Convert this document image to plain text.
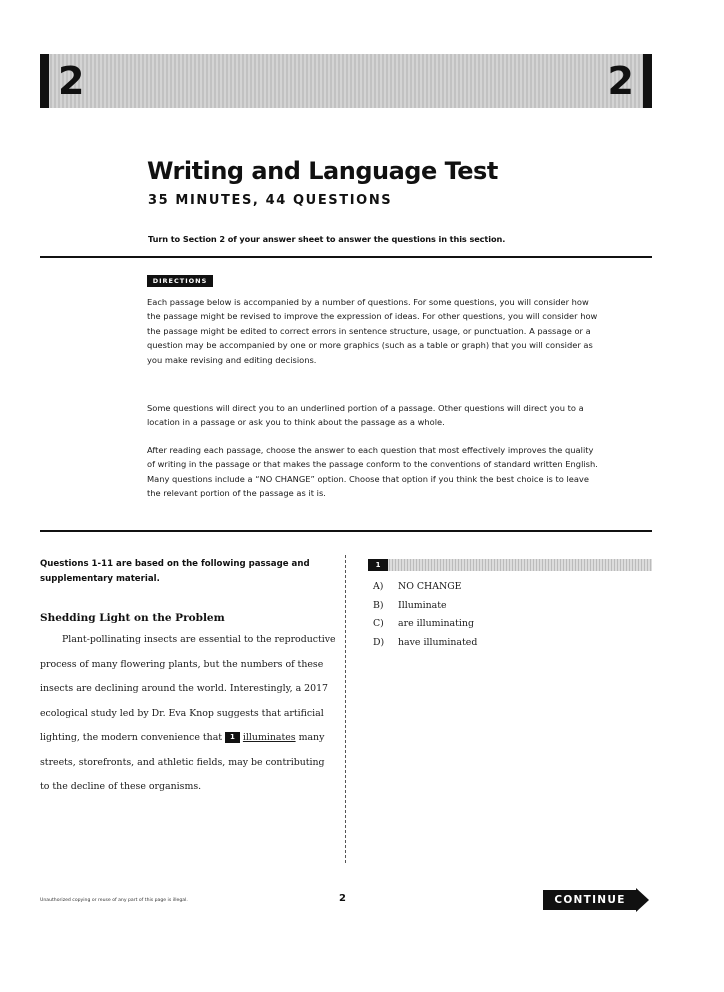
2	2
Writing and Language Test
35 MINUTES, 44 QUESTIONS
Turn to Section 2 of your answer sheet to answer the questions in this section.
DIRECTIONS

Each passage below is accompanied by a number of questions. For some questions, you will consider how the passage might be revised to improve the expression of ideas. For other questions, you will consider how the passage might be edited to correct errors in sentence structure, usage, or punctuation. A passage or a question may be accompanied by one or more graphics (such as a table or graph) that you will consider as you make revising and editing decisions.

Some questions will direct you to an underlined portion of a passage. Other questions will direct you to a location in a passage or ask you to think about the passage as a whole.

After reading each passage, choose the answer to each question that most effectively improves the quality of writing in the passage or that makes the passage conform to the conventions of standard written English. Many questions include a “NO CHANGE” option. Choose that option if you think the best choice is to leave the relevant portion of the passage as it is.

Questions 1-11 are based on the following passage and supplementary material.
Shedding Light on the Problem

Plant-pollinating insects are essential to the reproductive process of many flowering plants, but the numbers of these insects are declining around the world. Interestingly, a 2017 ecological study led by Dr. Eva Knop suggests that artificial lighting, the modern convenience that 1 illuminates many streets, storefronts, and athletic fields, may be contributing to the decline of these organisms.

1
A)	NO CHANGE
B)	Illuminate
C)	are illuminating
D)	have illuminated
Unauthorized copying or reuse of any part of this page is illegal.	2	CONTINUE
